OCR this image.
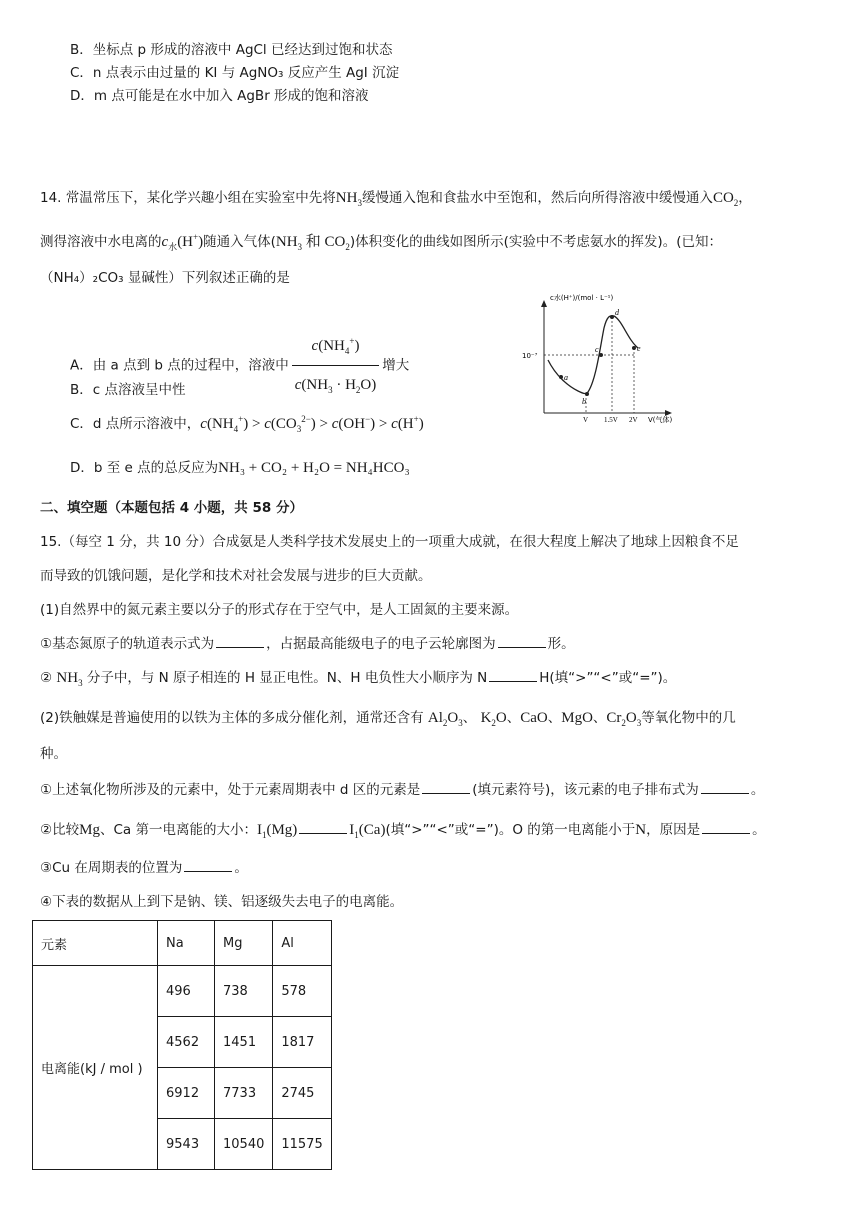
B．坐标点 p 形成的溶液中 AgCl 已经达到过饱和状态
C．n 点表示由过量的 KI 与 AgNO₃ 反应产生 AgI 沉淀
D．m 点可能是在水中加入 AgBr 形成的饱和溶液
14. 常温常压下，某化学兴趣小组在实验室中先将$NH_3$缓慢通入饱和食盐水中至饱和，然后向所得溶液中缓慢通入$CO_2$，
测得溶液中水电离的$c_水(H^+)$随通入气体($NH_3$ 和 $CO_2$)体积变化的曲线如图所示(实验中不考虑氨水的挥发)。(已知：
（NH₄）₂CO₃ 显碱性）下列叙述正确的是
c水(H⁺)/(mol · L⁻¹)
10⁻⁷
a
b
c
d
e
V 1.5V 2V V(气体)
A．由 a 点到 b 点的过程中，溶液中 $\frac{c(NH_4^+)}{c(NH_3 \cdot H_2O)}$ 增大
B．c 点溶液呈中性
C．d 点所示溶液中，$c(NH_4^+) > c(CO_3^{2-}) > c(OH^-) > c(H^+)$
D．b 至 e 点的总反应为NH₃ + CO₂ + H₂O = NH₄HCO₃
二、填空题（本题包括 4 小题，共 58 分）
15.（每空 1 分，共 10 分）合成氨是人类科学技术发展史上的一项重大成就，在很大程度上解决了地球上因粮食不足
而导致的饥饿问题，是化学和技术对社会发展与进步的巨大贡献。
(1)自然界中的氮元素主要以分子的形式存在于空气中，是人工固氮的主要来源。
①基态氮原子的轨道表示式为	，占据最高能级电子的电子云轮廓图为	形。
② $NH_3$ 分子中，与 N 原子相连的 H 显正电性。N、H 电负性大小顺序为 N	H(填“>”“<”或“=”)。
(2)铁触媒是普遍使用的以铁为主体的多成分催化剂，通常还含有 $Al_2O_3$、 $K_2O$、CaO、MgO、$Cr_2O_3$等氧化物中的几
种。
①上述氧化物所涉及的元素中，处于元素周期表中 d 区的元素是	(填元素符号)，该元素的电子排布式为	。
②比较Mg、Ca 第一电离能的大小：$I_1(Mg)$	$I_1(Ca)$(填“>”“<”或“=”)。O 的第一电离能小于N，原因是	。
③Cu 在周期表的位置为	。
④下表的数据从上到下是钠、镁、铝逐级失去电子的电离能。
元素	Na	Mg	Al
电离能(kJ / mol )	496	738	578
	4562	1451	1817
	6912	7733	2745
	9543	10540	11575
